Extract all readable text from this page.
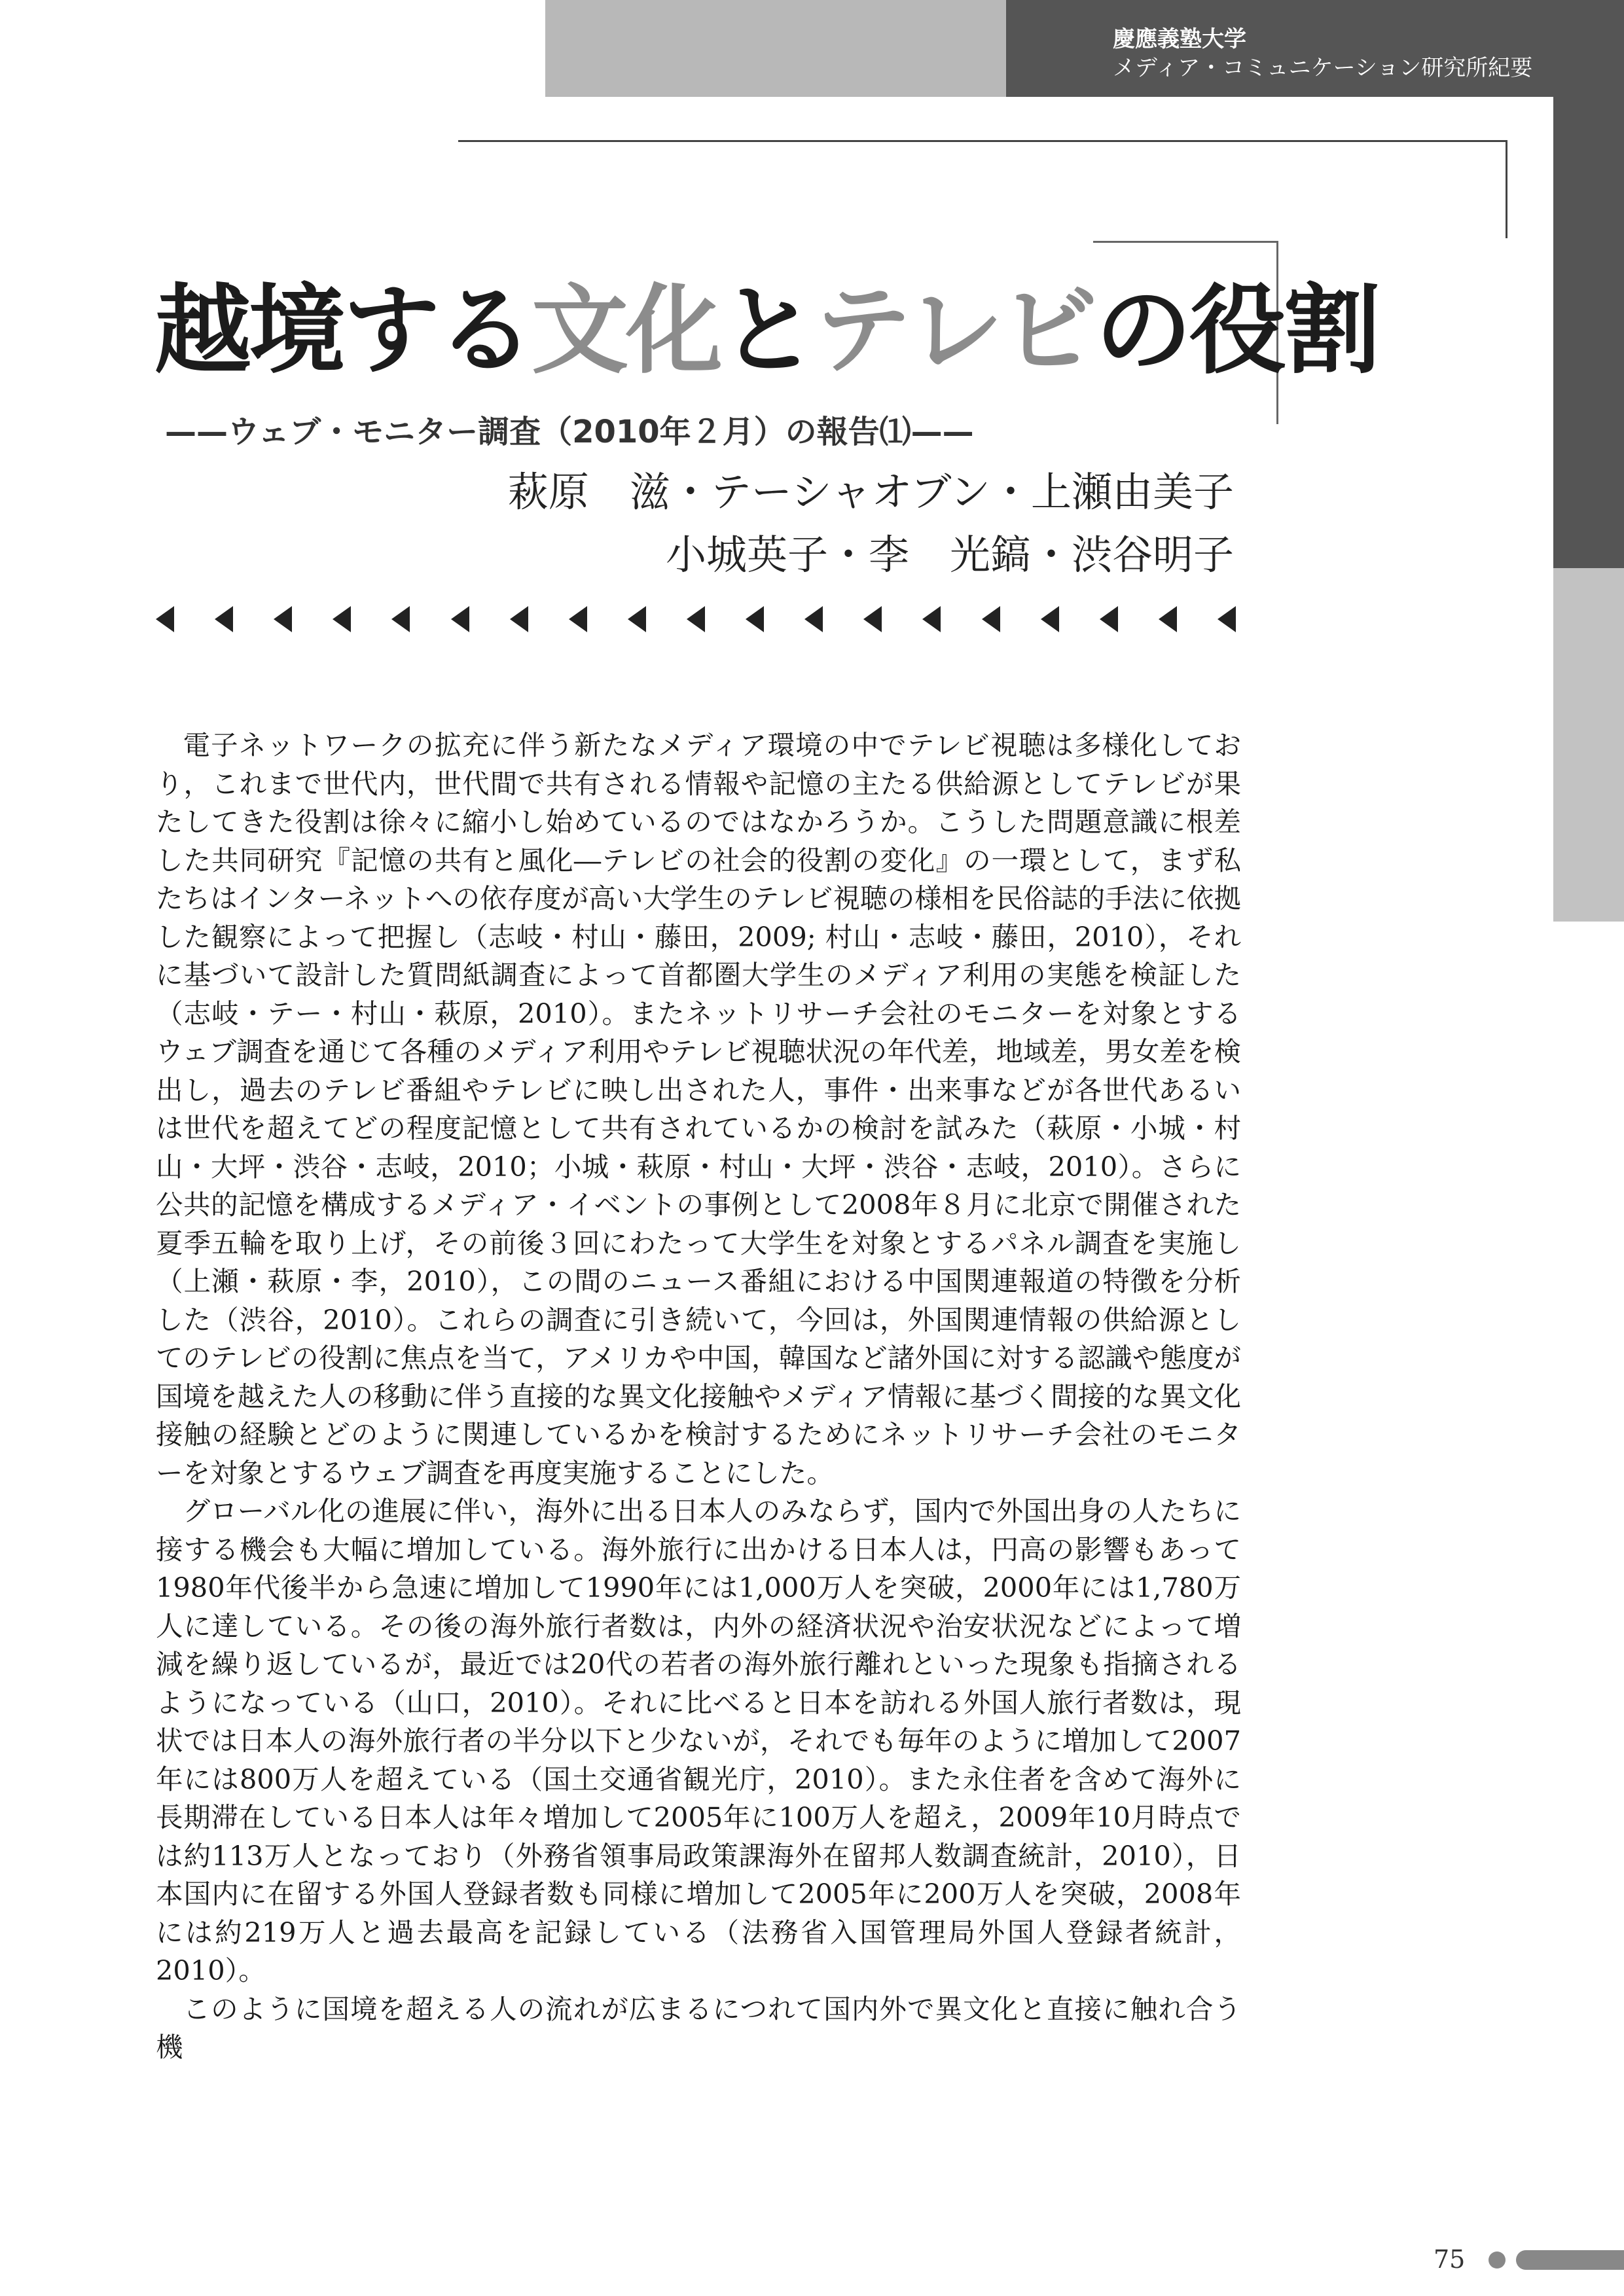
慶應義塾大学
メディア・コミュニケーション研究所紀要
越境する文化とテレビの役割
——ウェブ・モニター調査（2010年２月）の報告⑴——
萩原　滋・テーシャオブン・上瀬由美子
小城英子・李　光鎬・渋谷明子

電子ネットワークの拡充に伴う新たなメディア環境の中でテレビ視聴は多様化しており，これまで世代内，世代間で共有される情報や記憶の主たる供給源としてテレビが果たしてきた役割は徐々に縮小し始めているのではなかろうか。こうした問題意識に根差した共同研究『記憶の共有と風化―テレビの社会的役割の変化』の一環として，まず私たちはインターネットへの依存度が高い大学生のテレビ視聴の様相を民俗誌的手法に依拠した観察によって把握し（志岐・村山・藤田，2009; 村山・志岐・藤田，2010），それに基づいて設計した質問紙調査によって首都圏大学生のメディア利用の実態を検証した（志岐・テー・村山・萩原，2010）。またネットリサーチ会社のモニターを対象とするウェブ調査を通じて各種のメディア利用やテレビ視聴状況の年代差，地域差，男女差を検出し，過去のテレビ番組やテレビに映し出された人，事件・出来事などが各世代あるいは世代を超えてどの程度記憶として共有されているかの検討を試みた（萩原・小城・村山・大坪・渋谷・志岐，2010；小城・萩原・村山・大坪・渋谷・志岐，2010）。さらに公共的記憶を構成するメディア・イベントの事例として2008年８月に北京で開催された夏季五輪を取り上げ，その前後３回にわたって大学生を対象とするパネル調査を実施し（上瀬・萩原・李，2010），この間のニュース番組における中国関連報道の特徴を分析した（渋谷，2010）。これらの調査に引き続いて，今回は，外国関連情報の供給源としてのテレビの役割に焦点を当て，アメリカや中国，韓国など諸外国に対する認識や態度が国境を越えた人の移動に伴う直接的な異文化接触やメディア情報に基づく間接的な異文化接触の経験とどのように関連しているかを検討するためにネットリサーチ会社のモニターを対象とするウェブ調査を再度実施することにした。

グローバル化の進展に伴い，海外に出る日本人のみならず，国内で外国出身の人たちに接する機会も大幅に増加している。海外旅行に出かける日本人は，円高の影響もあって1980年代後半から急速に増加して1990年には1,000万人を突破，2000年には1,780万人に達している。その後の海外旅行者数は，内外の経済状況や治安状況などによって増減を繰り返しているが，最近では20代の若者の海外旅行離れといった現象も指摘されるようになっている（山口，2010）。それに比べると日本を訪れる外国人旅行者数は，現状では日本人の海外旅行者の半分以下と少ないが，それでも毎年のように増加して2007年には800万人を超えている（国土交通省観光庁，2010）。また永住者を含めて海外に長期滞在している日本人は年々増加して2005年に100万人を超え，2009年10月時点では約113万人となっており（外務省領事局政策課海外在留邦人数調査統計，2010），日本国内に在留する外国人登録者数も同様に増加して2005年に200万人を突破，2008年には約219万人と過去最高を記録している（法務省入国管理局外国人登録者統計，2010）。

このように国境を超える人の流れが広まるにつれて国内外で異文化と直接に触れ合う機

75
